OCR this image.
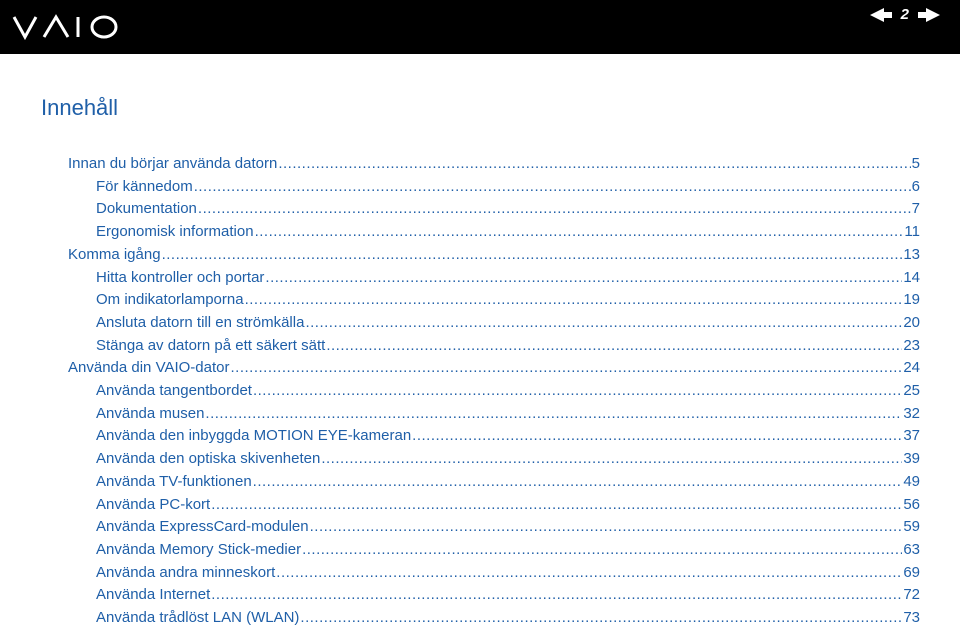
2
Innehåll
Innan du börjar använda datorn .....	5
För kännedom .....	6
Dokumentation .....	7
Ergonomisk information .....	11
Komma igång .....	13
Hitta kontroller och portar .....	14
Om indikatorlamporna .....	19
Ansluta datorn till en strömkälla .....	20
Stänga av datorn på ett säkert sätt .....	23
Använda din VAIO-dator .....	24
Använda tangentbordet .....	25
Använda musen .....	32
Använda den inbyggda MOTION EYE-kameran .....	37
Använda den optiska skivenheten .....	39
Använda TV-funktionen .....	49
Använda PC-kort .....	56
Använda ExpressCard-modulen .....	59
Använda Memory Stick-medier .....	63
Använda andra minneskort .....	69
Använda Internet .....	72
Använda trådlöst LAN (WLAN) .....	73
